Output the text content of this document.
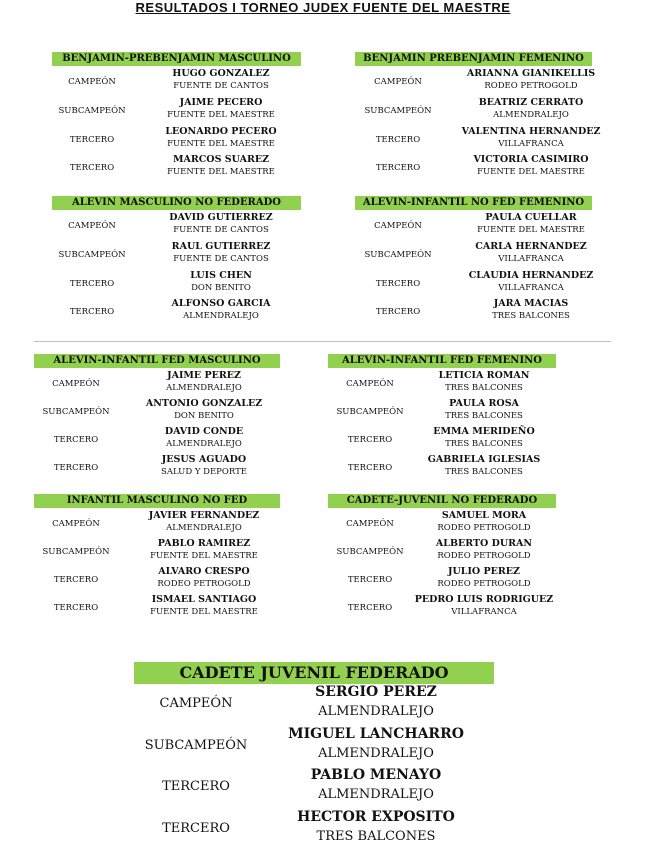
RESULTADOS I TORNEO JUDEX FUENTE DEL MAESTRE
BENJAMIN-PREBENJAMIN MASCULINO
CAMPEÓN
HUGO GONZALEZ
FUENTE DE CANTOS
SUBCAMPEÓN
JAIME PECERO
FUENTE DEL MAESTRE
TERCERO
LEONARDO PECERO
FUENTE DEL MAESTRE
TERCERO
MARCOS SUAREZ
FUENTE DEL MAESTRE
BENJAMIN PREBENJAMIN FEMENINO
CAMPEÓN
ARIANNA GIANIKELLIS
RODEO PETROGOLD
SUBCAMPEÓN
BEATRIZ CERRATO
ALMENDRALEJO
TERCERO
VALENTINA HERNANDEZ
VILLAFRANCA
TERCERO
VICTORIA CASIMIRO
FUENTE DEL MAESTRE
ALEVIN MASCULINO NO FEDERADO
CAMPEÓN
DAVID GUTIERREZ
FUENTE DE CANTOS
SUBCAMPEÓN
RAUL GUTIERREZ
FUENTE DE CANTOS
TERCERO
LUIS CHEN
DON BENITO
TERCERO
ALFONSO GARCIA
ALMENDRALEJO
ALEVIN-INFANTIL NO FED FEMENINO
CAMPEÓN
PAULA CUELLAR
FUENTE DEL MAESTRE
SUBCAMPEÓN
CARLA HERNANDEZ
VILLAFRANCA
TERCERO
CLAUDIA HERNANDEZ
VILLAFRANCA
TERCERO
JARA MACIAS
TRES BALCONES
ALEVIN-INFANTIL FED MASCULINO
CAMPEÓN
JAIME PEREZ
ALMENDRALEJO
SUBCAMPEÓN
ANTONIO GONZALEZ
DON BENITO
TERCERO
DAVID CONDE
ALMENDRALEJO
TERCERO
JESUS AGUADO
SALUD Y DEPORTE
ALEVIN-INFANTIL FED FEMENINO
CAMPEÓN
LETICIA ROMAN
TRES BALCONES
SUBCAMPEÓN
PAULA ROSA
TRES BALCONES
TERCERO
EMMA MERIDEÑO
TRES BALCONES
TERCERO
GABRIELA IGLESIAS
TRES BALCONES
INFANTIL MASCULINO NO FED
CAMPEÓN
JAVIER FERNANDEZ
ALMENDRALEJO
SUBCAMPEÓN
PABLO RAMIREZ
FUENTE DEL MAESTRE
TERCERO
ALVARO CRESPO
RODEO PETROGOLD
TERCERO
ISMAEL SANTIAGO
FUENTE DEL MAESTRE
CADETE-JUVENIL NO FEDERADO
CAMPEÓN
SAMUEL MORA
RODEO PETROGOLD
SUBCAMPEÓN
ALBERTO DURAN
RODEO PETROGOLD
TERCERO
JULIO PEREZ
RODEO PETROGOLD
TERCERO
PEDRO LUIS RODRIGUEZ
VILLAFRANCA
CADETE JUVENIL FEDERADO
CAMPEÓN
SERGIO PEREZ
ALMENDRALEJO
SUBCAMPEÓN
MIGUEL LANCHARRO
ALMENDRALEJO
TERCERO
PABLO MENAYO
ALMENDRALEJO
TERCERO
HECTOR EXPOSITO
TRES BALCONES
